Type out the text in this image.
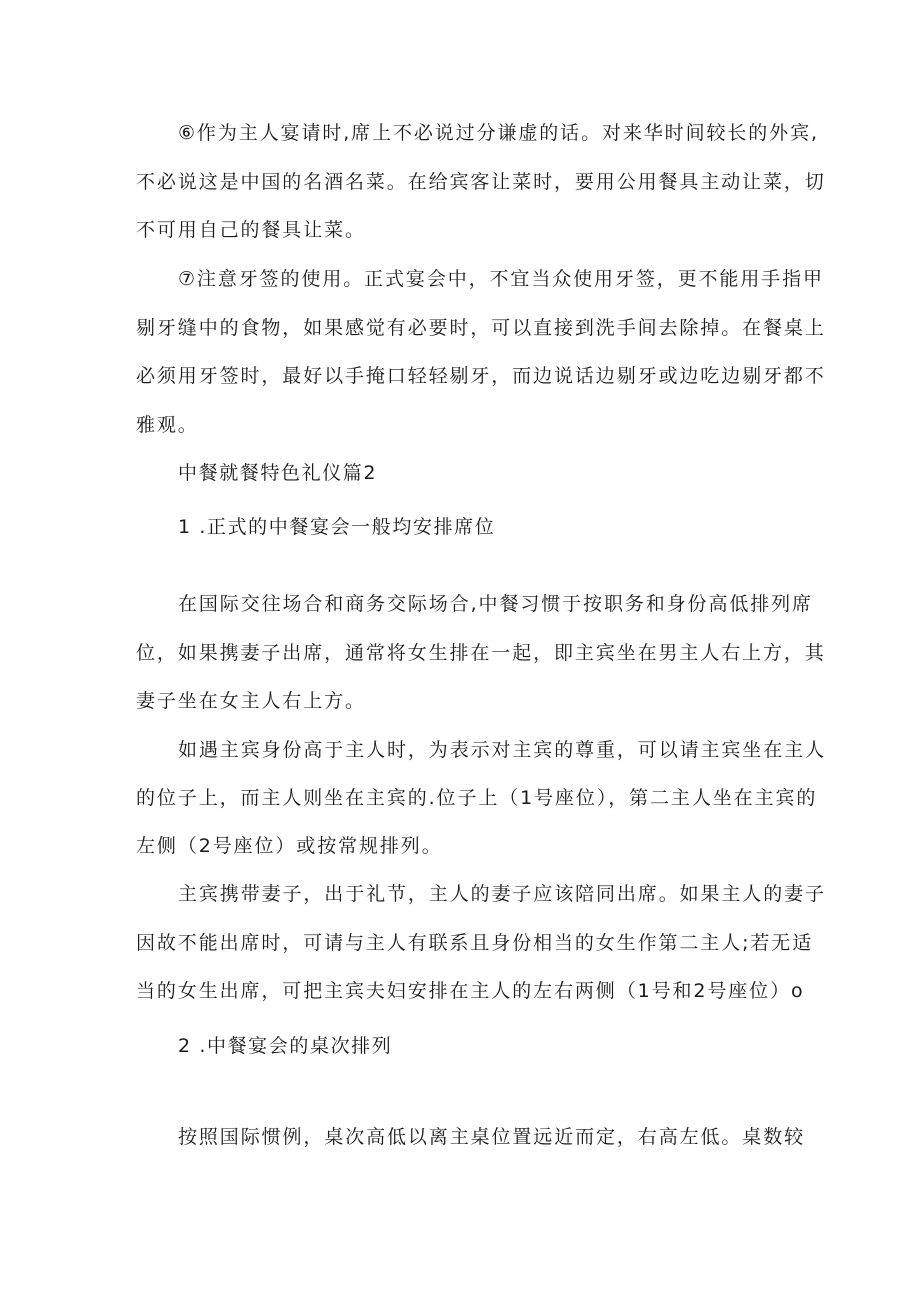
⑥作为主人宴请时,席上不必说过分谦虚的话。对来华时间较长的外宾,
不必说这是中国的名酒名菜。在给宾客让菜时，要用公用餐具主动让菜，切
不可用自己的餐具让菜。
⑦注意牙签的使用。正式宴会中，不宜当众使用牙签，更不能用手指甲
剔牙缝中的食物，如果感觉有必要时，可以直接到洗手间去除掉。在餐桌上
必须用牙签时，最好以手掩口轻轻剔牙，而边说话边剔牙或边吃边剔牙都不
雅观。
中餐就餐特色礼仪篇2
1 .正式的中餐宴会一般均安排席位
在国际交往场合和商务交际场合,中餐习惯于按职务和身份高低排列席
位，如果携妻子出席，通常将女生排在一起，即主宾坐在男主人右上方，其
妻子坐在女主人右上方。
如遇主宾身份高于主人时，为表示对主宾的尊重，可以请主宾坐在主人
的位子上，而主人则坐在主宾的.位子上（1号座位），第二主人坐在主宾的
左侧（2号座位）或按常规排列。
主宾携带妻子，出于礼节，主人的妻子应该陪同出席。如果主人的妻子
因故不能出席时，可请与主人有联系且身份相当的女生作第二主人;若无适
当的女生出席，可把主宾夫妇安排在主人的左右两侧（1号和2号座位）o
2 .中餐宴会的桌次排列
按照国际惯例，桌次高低以离主桌位置远近而定，右高左低。桌数较
